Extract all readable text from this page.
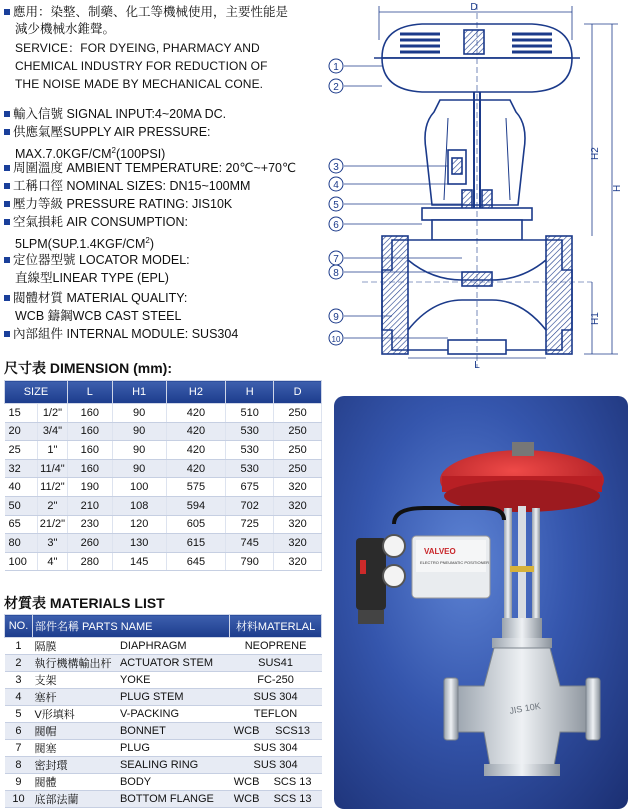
應用：染整、制藥、化工等機械使用，主要性能是
減少機械水錐聲。
SERVICE：FOR DYEING, PHARMACY AND
CHEMICAL INDUSTRY FOR REDUCTION OF
THE NOISE MADE BY MECHANICAL CONE.
輸入信號 SIGNAL INPUT:4~20MA DC.
供應氣壓SUPPLY AIR PRESSURE:
$MAX.7.0KGF/CM^2(100PSI)$
周圍溫度 AMBIENT TEMPERATURE: 20℃~+70℃
工稱口徑 NOMINAL SIZES: DN15~100MM
壓力等級 PRESSURE RATING: JIS10K
空氣損耗 AIR CONSUMPTION:
$5LPM(SUP.1.4KGF/CM^2)$
定位器型號 LOCATOR MODEL:
直線型LINEAR TYPE (EPL)
閥體材質 MATERIAL QUALITY:
WCB 鑄鋼WCB CAST STEEL
內部組件 INTERNAL MODULE: SUS304
1
2
3
4
5
6
7
8
9
10
D
L
H2
H
H1
尺寸表 DIMENSION (mm):
SIZE		L	H1	H2	H	D
15	1/2"	160	90	420	510	250
20	3/4"	160	90	420	530	250
25	1"	160	90	420	530	250
32	11/4"	160	90	420	530	250
40	11/2"	190	100	575	675	320
50	2"	210	108	594	702	320
65	21/2"	230	120	605	725	320
80	3"	260	130	615	745	320
100	4"	280	145	645	790	320
材質表 MATERIALS LIST
NO.	部件名稱 PARTS NAME		材料MATERLAL	
1	隔膜	DIAPHRAGM	NEOPRENE	
2	執行機構輸出杆	ACTUATOR STEM	SUS41	
3	支架	YOKE	FC-250	
4	塞杆	PLUG STEM	SUS 304	
5	V形填料	V-PACKING	TEFLON	
6	閥帽	BONNET	WCB	SCS13
7	閥塞	PLUG	SUS 304	
8	密封環	SEALING RING	SUS 304	
9	閥體	BODY	WCB	SCS 13
10	底部法蘭	BOTTOM FLANGE	WCB	SCS 13
VALVEO
ELECTRO PNEUMATIC POSITIONER
JIS 10K
